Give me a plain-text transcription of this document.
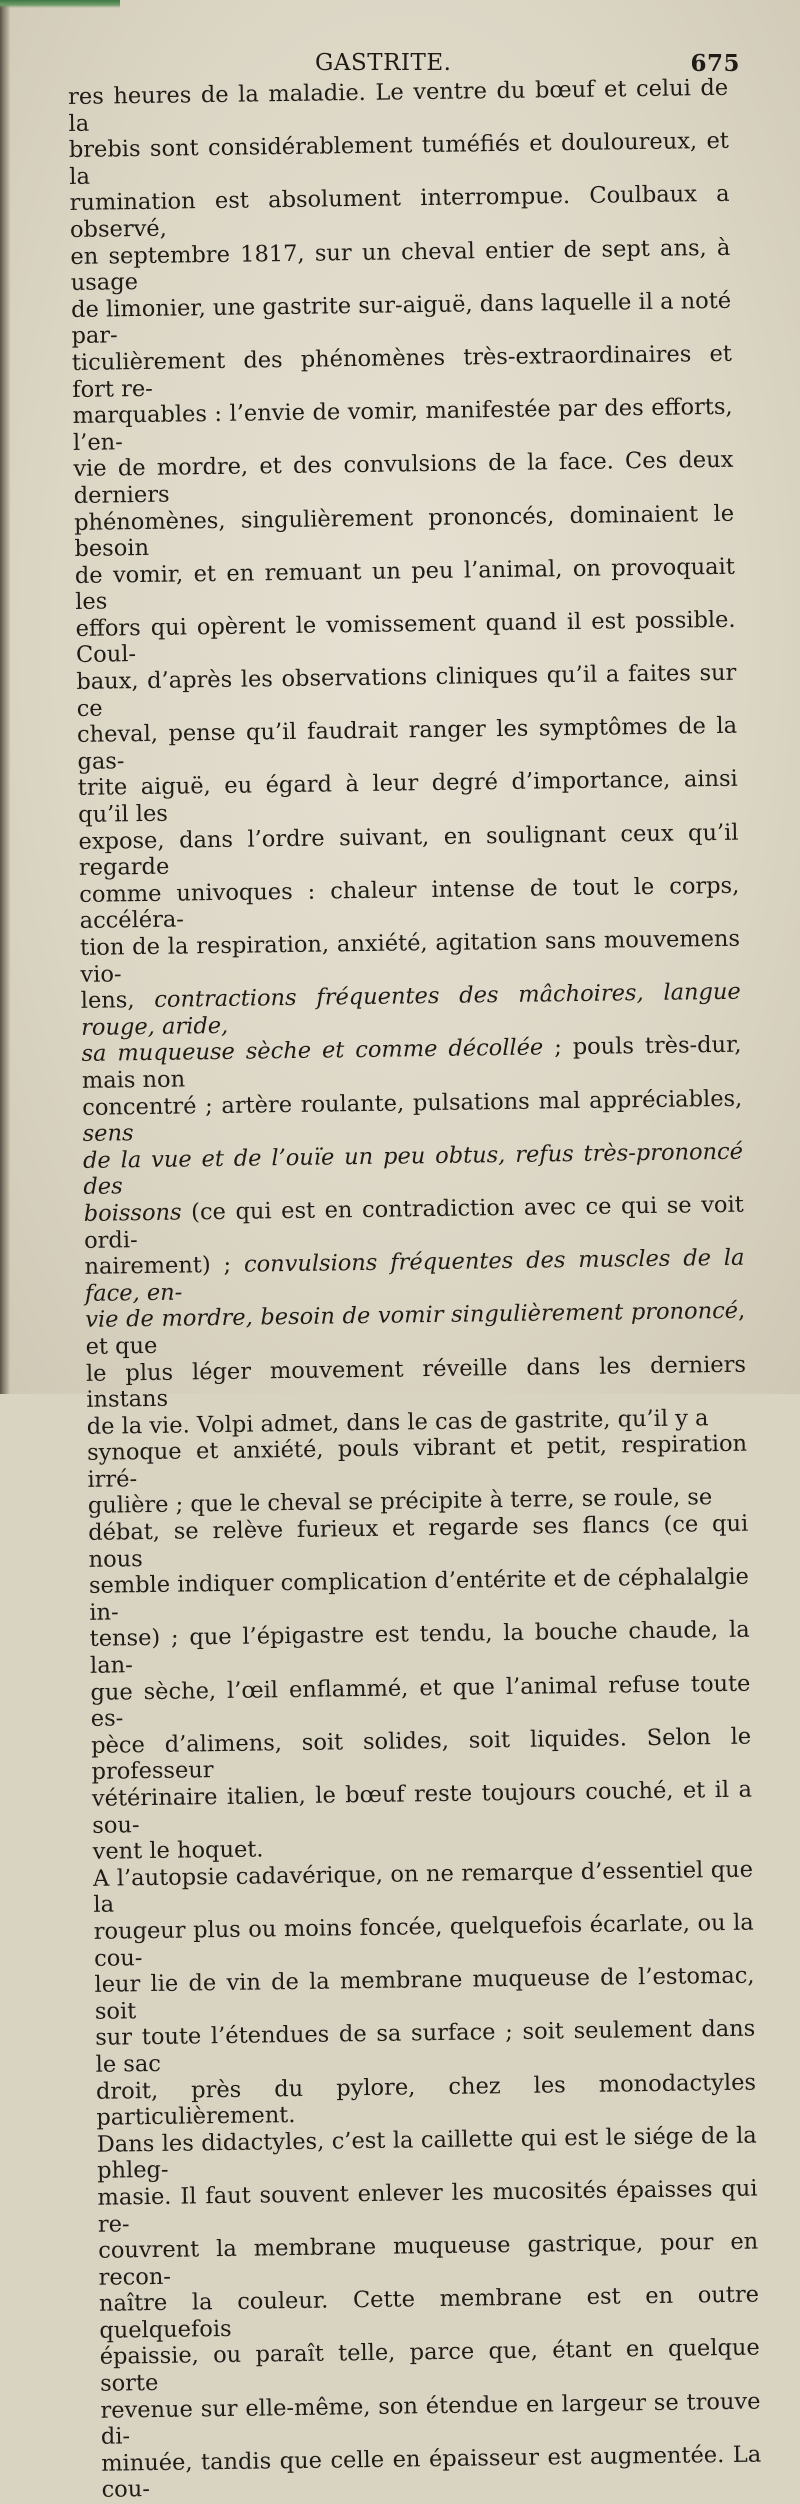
GASTRITE.	675

res heures de la maladie. Le ventre du bœuf et celui de la
brebis sont considérablement tuméfiés et douloureux, et la
rumination est absolument interrompue. Coulbaux a observé,
en septembre 1817, sur un cheval entier de sept ans, à usage
de limonier, une gastrite sur-aiguë, dans laquelle il a noté par-
ticulièrement des phénomènes très-extraordinaires et fort re-
marquables : l’envie de vomir, manifestée par des efforts, l’en-
vie de mordre, et des convulsions de la face. Ces deux derniers
phénomènes, singulièrement prononcés, dominaient le besoin
de vomir, et en remuant un peu l’animal, on provoquait les
effors qui opèrent le vomissement quand il est possible. Coul-
baux, d’après les observations cliniques qu’il a faites sur ce
cheval, pense qu’il faudrait ranger les symptômes de la gas-
trite aiguë, eu égard à leur degré d’importance, ainsi qu’il les
expose, dans l’ordre suivant, en soulignant ceux qu’il regarde
comme univoques : chaleur intense de tout le corps, accéléra-
tion de la respiration, anxiété, agitation sans mouvemens vio-
lens, contractions fréquentes des mâchoires, langue rouge, aride,
sa muqueuse sèche et comme décollée ; pouls très-dur, mais non
concentré ; artère roulante, pulsations mal appréciables, sens
de la vue et de l’ouïe un peu obtus, refus très-prononcé des
boissons (ce qui est en contradiction avec ce qui se voit ordi-
nairement) ; convulsions fréquentes des muscles de la face, en-
vie de mordre, besoin de vomir singulièrement prononcé, et que
le plus léger mouvement réveille dans les derniers instans
de la vie. Volpi admet, dans le cas de gastrite, qu’il y a
synoque et anxiété, pouls vibrant et petit, respiration irré-
gulière ; que le cheval se précipite à terre, se roule, se
débat, se relève furieux et regarde ses flancs (ce qui nous
semble indiquer complication d’entérite et de céphalalgie in-
tense) ; que l’épigastre est tendu, la bouche chaude, la lan-
gue sèche, l’œil enflammé, et que l’animal refuse toute es-
pèce d’alimens, soit solides, soit liquides. Selon le professeur
vétérinaire italien, le bœuf reste toujours couché, et il a sou-
vent le hoquet.
A l’autopsie cadavérique, on ne remarque d’essentiel que la
rougeur plus ou moins foncée, quelquefois écarlate, ou la cou-
leur lie de vin de la membrane muqueuse de l’estomac, soit
sur toute l’étendues de sa surface ; soit seulement dans le sac
droit, près du pylore, chez les monodactyles particulièrement.
Dans les didactyles, c’est la caillette qui est le siége de la phleg-
masie. Il faut souvent enlever les mucosités épaisses qui re-
couvrent la membrane muqueuse gastrique, pour en recon-
naître la couleur. Cette membrane est en outre quelquefois
épaissie, ou paraît telle, parce que, étant en quelque sorte
revenue sur elle-même, son étendue en largeur se trouve di-
minuée, tandis que celle en épaisseur est augmentée. La cou-
